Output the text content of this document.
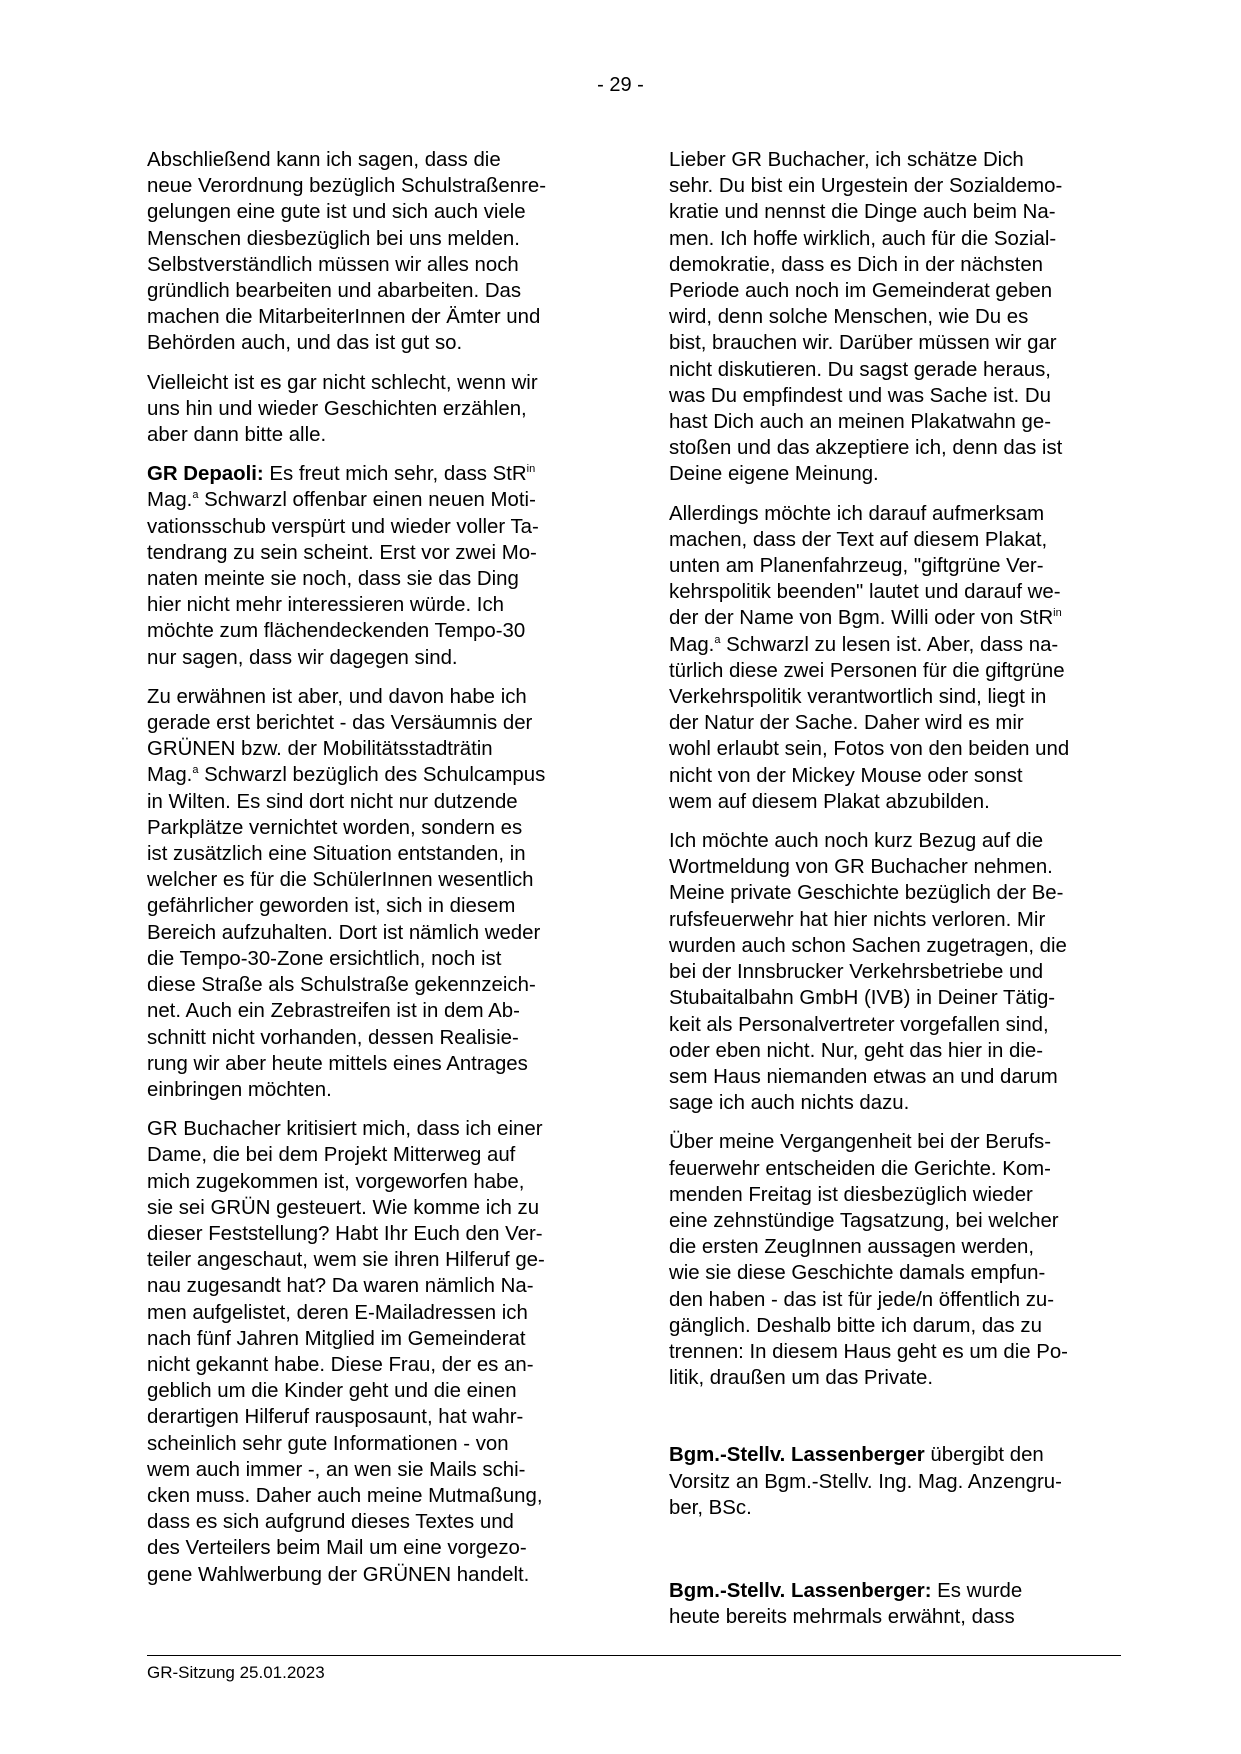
- 29 -

Abschließend kann ich sagen, dass die
neue Verordnung bezüglich Schulstraßenre-
gelungen eine gute ist und sich auch viele
Menschen diesbezüglich bei uns melden.
Selbstverständlich müssen wir alles noch
gründlich bearbeiten und abarbeiten. Das
machen die MitarbeiterInnen der Ämter und
Behörden auch, und das ist gut so.

Vielleicht ist es gar nicht schlecht, wenn wir
uns hin und wieder Geschichten erzählen,
aber dann bitte alle.

GR Depaoli: Es freut mich sehr, dass StR$^{in}$
Mag.$^a$ Schwarzl offenbar einen neuen Moti-
vationsschub verspürt und wieder voller Ta-
tendrang zu sein scheint. Erst vor zwei Mo-
naten meinte sie noch, dass sie das Ding
hier nicht mehr interessieren würde. Ich
möchte zum flächendeckenden Tempo-30
nur sagen, dass wir dagegen sind.

Zu erwähnen ist aber, und davon habe ich
gerade erst berichtet - das Versäumnis der
GRÜNEN bzw. der Mobilitätsstadträtin
Mag.$^a$ Schwarzl bezüglich des Schulcampus
in Wilten. Es sind dort nicht nur dutzende
Parkplätze vernichtet worden, sondern es
ist zusätzlich eine Situation entstanden, in
welcher es für die SchülerInnen wesentlich
gefährlicher geworden ist, sich in diesem
Bereich aufzuhalten. Dort ist nämlich weder
die Tempo-30-Zone ersichtlich, noch ist
diese Straße als Schulstraße gekennzeich-
net. Auch ein Zebrastreifen ist in dem Ab-
schnitt nicht vorhanden, dessen Realisie-
rung wir aber heute mittels eines Antrages
einbringen möchten.

GR Buchacher kritisiert mich, dass ich einer
Dame, die bei dem Projekt Mitterweg auf
mich zugekommen ist, vorgeworfen habe,
sie sei GRÜN gesteuert. Wie komme ich zu
dieser Feststellung? Habt Ihr Euch den Ver-
teiler angeschaut, wem sie ihren Hilferuf ge-
nau zugesandt hat? Da waren nämlich Na-
men aufgelistet, deren E-Mailadressen ich
nach fünf Jahren Mitglied im Gemeinderat
nicht gekannt habe. Diese Frau, der es an-
geblich um die Kinder geht und die einen
derartigen Hilferuf rausposaunt, hat wahr-
scheinlich sehr gute Informationen - von
wem auch immer -, an wen sie Mails schi-
cken muss. Daher auch meine Mutmaßung,
dass es sich aufgrund dieses Textes und
des Verteilers beim Mail um eine vorgezo-
gene Wahlwerbung der GRÜNEN handelt.

Lieber GR Buchacher, ich schätze Dich
sehr. Du bist ein Urgestein der Sozialdemo-
kratie und nennst die Dinge auch beim Na-
men. Ich hoffe wirklich, auch für die Sozial-
demokratie, dass es Dich in der nächsten
Periode auch noch im Gemeinderat geben
wird, denn solche Menschen, wie Du es
bist, brauchen wir. Darüber müssen wir gar
nicht diskutieren. Du sagst gerade heraus,
was Du empfindest und was Sache ist. Du
hast Dich auch an meinen Plakatwahn ge-
stoßen und das akzeptiere ich, denn das ist
Deine eigene Meinung.

Allerdings möchte ich darauf aufmerksam
machen, dass der Text auf diesem Plakat,
unten am Planenfahrzeug, "giftgrüne Ver-
kehrspolitik beenden" lautet und darauf we-
der der Name von Bgm. Willi oder von StR$^{in}$
Mag.$^a$ Schwarzl zu lesen ist. Aber, dass na-
türlich diese zwei Personen für die giftgrüne
Verkehrspolitik verantwortlich sind, liegt in
der Natur der Sache. Daher wird es mir
wohl erlaubt sein, Fotos von den beiden und
nicht von der Mickey Mouse oder sonst
wem auf diesem Plakat abzubilden.

Ich möchte auch noch kurz Bezug auf die
Wortmeldung von GR Buchacher nehmen.
Meine private Geschichte bezüglich der Be-
rufsfeuerwehr hat hier nichts verloren. Mir
wurden auch schon Sachen zugetragen, die
bei der Innsbrucker Verkehrsbetriebe und
Stubaitalbahn GmbH (IVB) in Deiner Tätig-
keit als Personalvertreter vorgefallen sind,
oder eben nicht. Nur, geht das hier in die-
sem Haus niemanden etwas an und darum
sage ich auch nichts dazu.

Über meine Vergangenheit bei der Berufs-
feuerwehr entscheiden die Gerichte. Kom-
menden Freitag ist diesbezüglich wieder
eine zehnstündige Tagsatzung, bei welcher
die ersten ZeugInnen aussagen werden,
wie sie diese Geschichte damals empfun-
den haben - das ist für jede/n öffentlich zu-
gänglich. Deshalb bitte ich darum, das zu
trennen: In diesem Haus geht es um die Po-
litik, draußen um das Private.

Bgm.-Stellv. Lassenberger übergibt den
Vorsitz an Bgm.-Stellv. Ing. Mag. Anzengru-
ber, BSc.

Bgm.-Stellv. Lassenberger: Es wurde
heute bereits mehrmals erwähnt, dass

GR-Sitzung 25.01.2023
